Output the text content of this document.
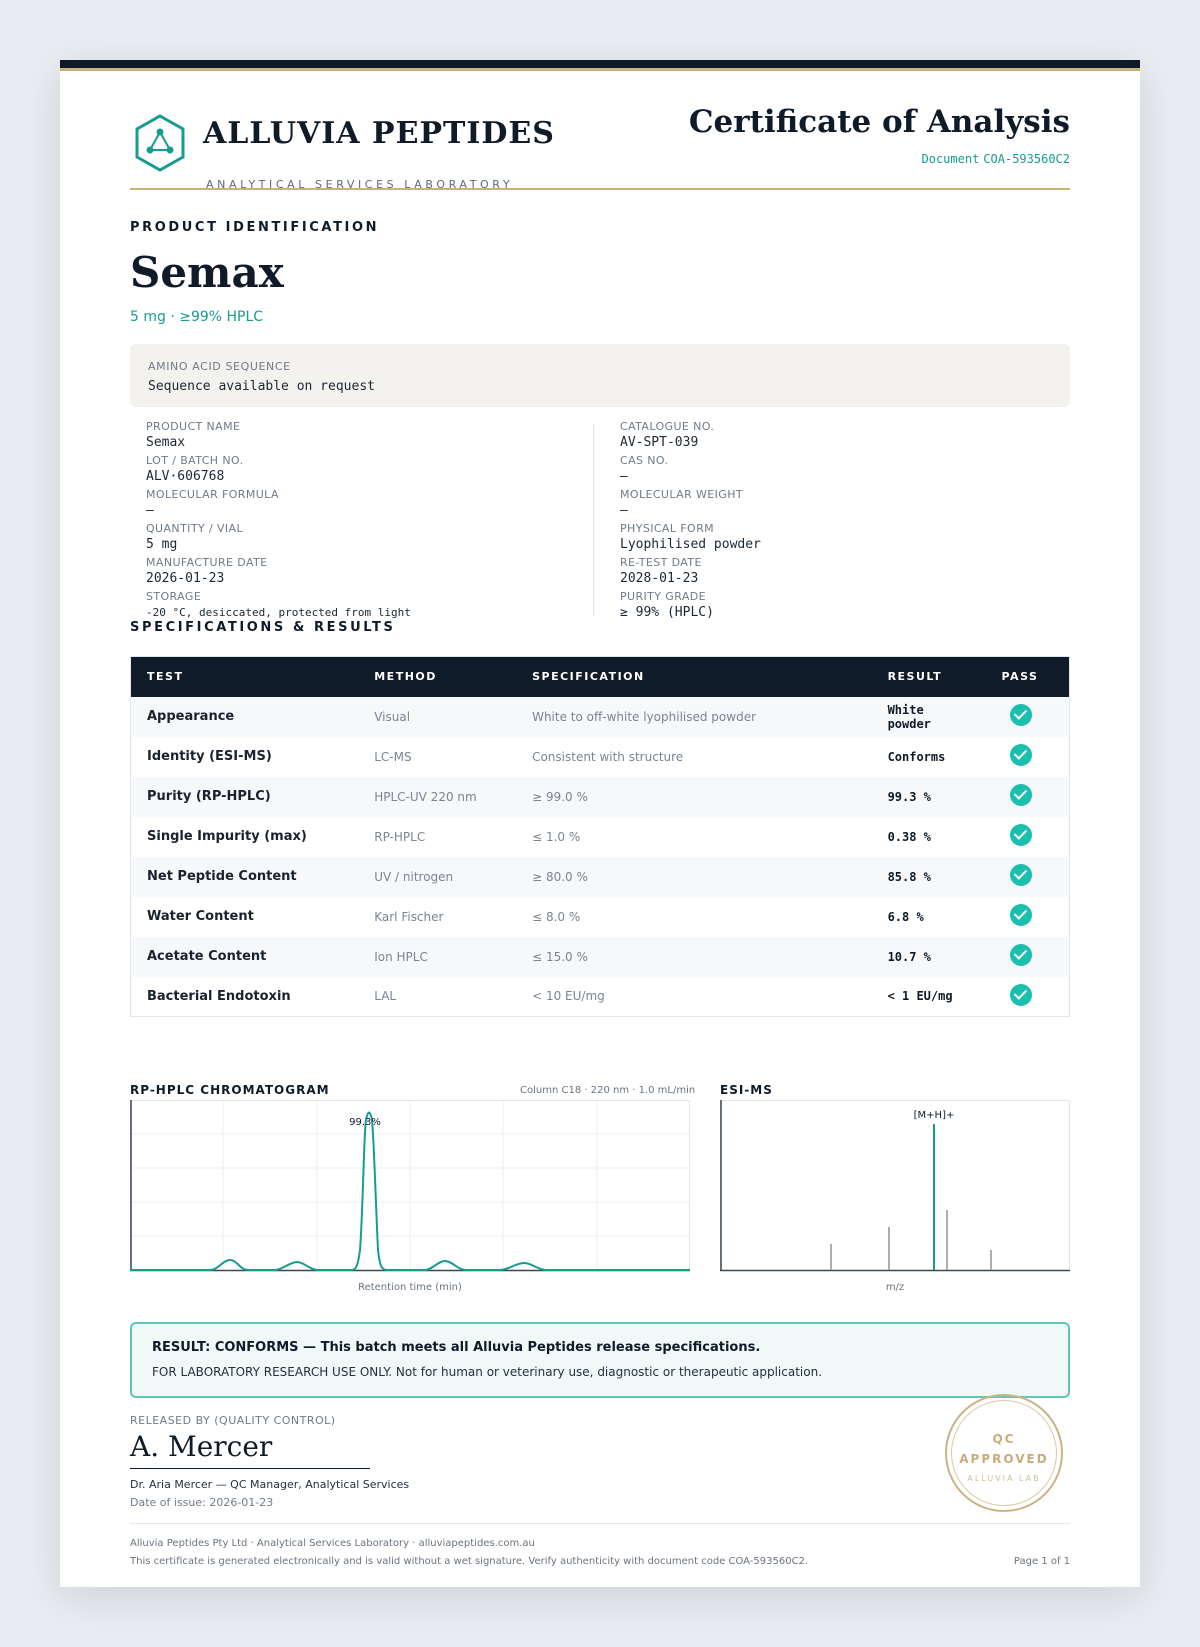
ALLUVIA PEPTIDES
ANALYTICAL SERVICES LABORATORY
Certificate of Analysis
Document COA-593560C2
PRODUCT IDENTIFICATION
Semax
5 mg · ≥99% HPLC
AMINO ACID SEQUENCE
Sequence available on request
PRODUCT NAME
Semax
LOT / BATCH NO.
ALV·606768
MOLECULAR FORMULA
—
QUANTITY / VIAL
5 mg
MANUFACTURE DATE
2026-01-23
STORAGE
-20 °C, desiccated, protected from light
CATALOGUE NO.
AV-SPT-039
CAS NO.
—
MOLECULAR WEIGHT
—
PHYSICAL FORM
Lyophilised powder
RE-TEST DATE
2028-01-23
PURITY GRADE
≥ 99% (HPLC)
SPECIFICATIONS & RESULTS
TEST	METHOD	SPECIFICATION	RESULT	PASS
Appearance	Visual	White to off-white lyophilised powder	White powder	
Identity (ESI-MS)	LC-MS	Consistent with structure	Conforms	
Purity (RP-HPLC)	HPLC-UV 220 nm	≥ 99.0 %	99.3 %	
Single Impurity (max)	RP-HPLC	≤ 1.0 %	0.38 %	
Net Peptide Content	UV / nitrogen	≥ 80.0 %	85.8 %	
Water Content	Karl Fischer	≤ 8.0 %	6.8 %	
Acetate Content	Ion HPLC	≤ 15.0 %	10.7 %	
Bacterial Endotoxin	LAL	< 10 EU/mg	< 1 EU/mg	
RP-HPLC CHROMATOGRAM	Column C18 · 220 nm · 1.0 mL/min
99.3%
Retention time (min)
ESI-MS
[M+H]+
m/z
RESULT: CONFORMS — This batch meets all Alluvia Peptides release specifications.
FOR LABORATORY RESEARCH USE ONLY. Not for human or veterinary use, diagnostic or therapeutic application.
RELEASED BY (QUALITY CONTROL)
A. Mercer
Dr. Aria Mercer — QC Manager, Analytical Services
Date of issue: 2026-01-23
QC
APPROVED
ALLUVIA LAB
Alluvia Peptides Pty Ltd · Analytical Services Laboratory · alluviapeptides.com.au
This certificate is generated electronically and is valid without a wet signature. Verify authenticity with document code COA-593560C2.	Page 1 of 1
